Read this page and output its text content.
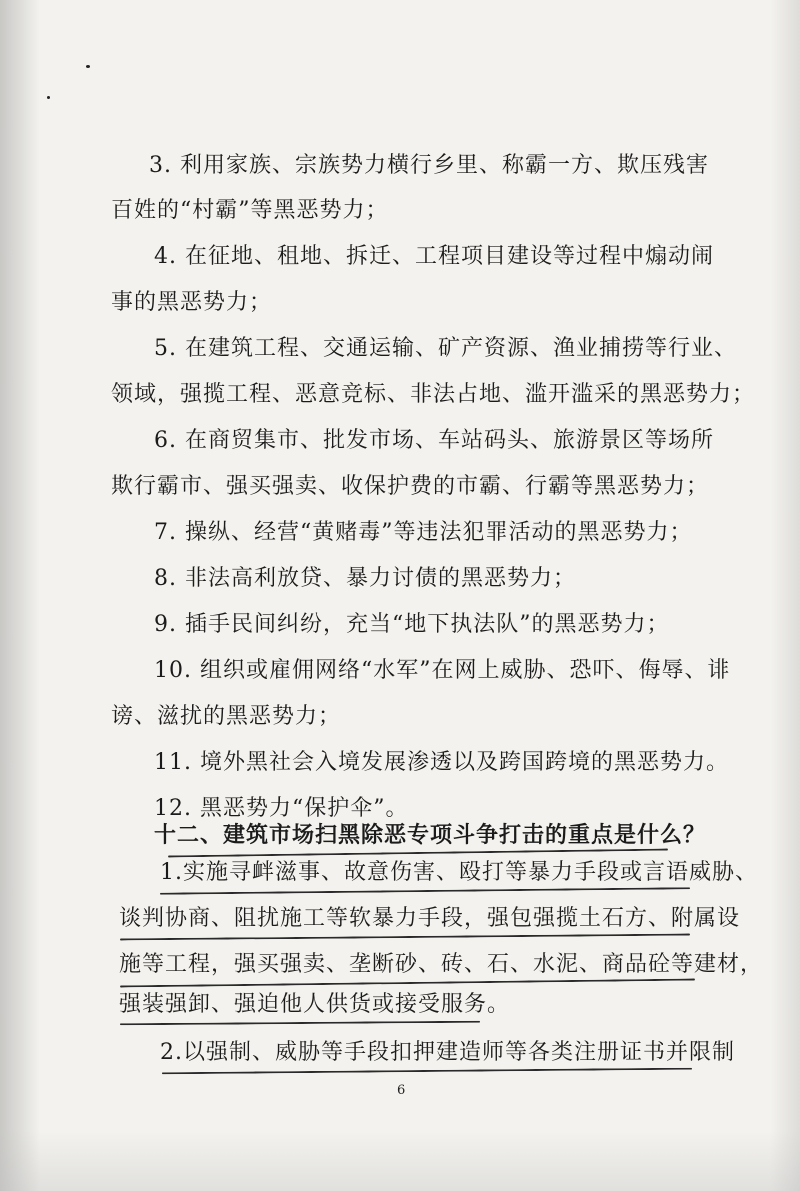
3. 利用家族、宗族势力横行乡里、称霸一方、欺压残害
百姓的“村霸”等黑恶势力；
4. 在征地、租地、拆迁、工程项目建设等过程中煽动闹
事的黑恶势力；
5. 在建筑工程、交通运输、矿产资源、渔业捕捞等行业、
领域，强揽工程、恶意竞标、非法占地、滥开滥采的黑恶势力；
6. 在商贸集市、批发市场、车站码头、旅游景区等场所
欺行霸市、强买强卖、收保护费的市霸、行霸等黑恶势力；
7. 操纵、经营“黄赌毒”等违法犯罪活动的黑恶势力；
8. 非法高利放贷、暴力讨债的黑恶势力；
9. 插手民间纠纷，充当“地下执法队”的黑恶势力；
10. 组织或雇佣网络“水军”在网上威胁、恐吓、侮辱、诽
谤、滋扰的黑恶势力；
11. 境外黑社会入境发展渗透以及跨国跨境的黑恶势力。
12. 黑恶势力“保护伞”。
十二、建筑市场扫黑除恶专项斗争打击的重点是什么？
1.实施寻衅滋事、故意伤害、殴打等暴力手段或言语威胁、
谈判协商、阻扰施工等软暴力手段，强包强揽土石方、附属设
施等工程，强买强卖、垄断砂、砖、石、水泥、商品砼等建材，
强装强卸、强迫他人供货或接受服务。
2.以强制、威胁等手段扣押建造师等各类注册证书并限制
6
